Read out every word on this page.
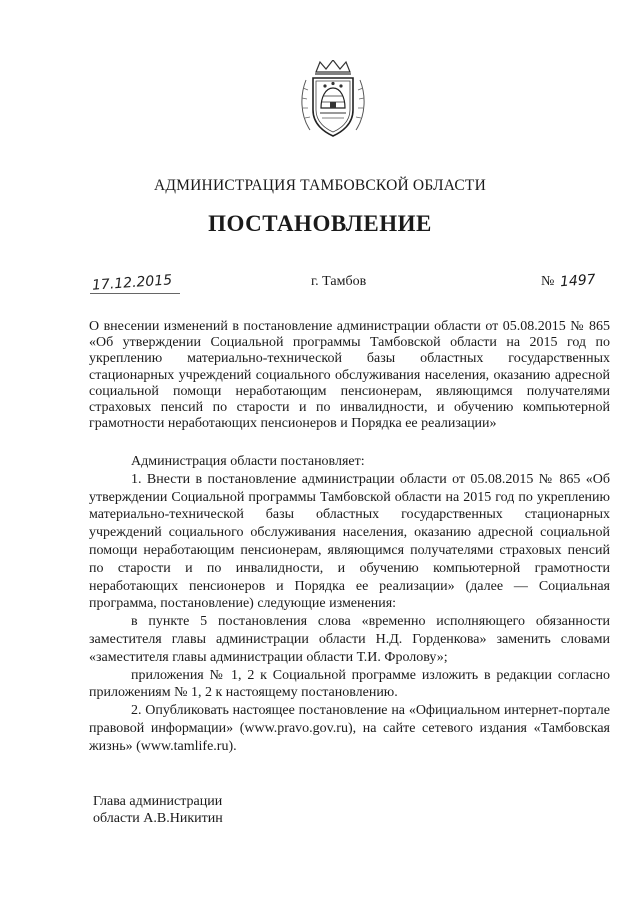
АДМИНИСТРАЦИЯ ТАМБОВСКОЙ ОБЛАСТИ
ПОСТАНОВЛЕНИЕ
17.12.2015	г. Тамбов	№ 1497
О внесении изменений в постановление администрации области от 05.08.2015 № 865 «Об утверждении Социальной программы Тамбовской области на 2015 год по укреплению материально-технической базы областных государственных стационарных учреждений социального обслуживания населения, оказанию адресной социальной помощи неработающим пенсионерам, являющимся получателями страховых пенсий по старости и по инвалидности, и обучению компьютерной грамотности неработающих пенсионеров и Порядка ее реализации»

Администрация области постановляет:

1. Внести в постановление администрации области от 05.08.2015 № 865 «Об утверждении Социальной программы Тамбовской области на 2015 год по укреплению материально-технической базы областных государственных стационарных учреждений социального обслуживания населения, оказанию адресной социальной помощи неработающим пенсионерам, являющимся получателями страховых пенсий по старости и по инвалидности, и обучению компьютерной грамотности неработающих пенсионеров и Порядка ее реализации» (далее — Социальная программа, постановление) следующие изменения:

в пункте 5 постановления слова «временно исполняющего обязанности заместителя главы администрации области Н.Д. Горденкова» заменить словами «заместителя главы администрации области Т.И. Фролову»;

приложения № 1, 2 к Социальной программе изложить в редакции согласно приложениям № 1, 2 к настоящему постановлению.

2. Опубликовать настоящее постановление на «Официальном интернет-портале правовой информации» (www.pravo.gov.ru), на сайте сетевого издания «Тамбовская жизнь» (www.tamlife.ru).

Глава администрации
области А.В.Никитин
